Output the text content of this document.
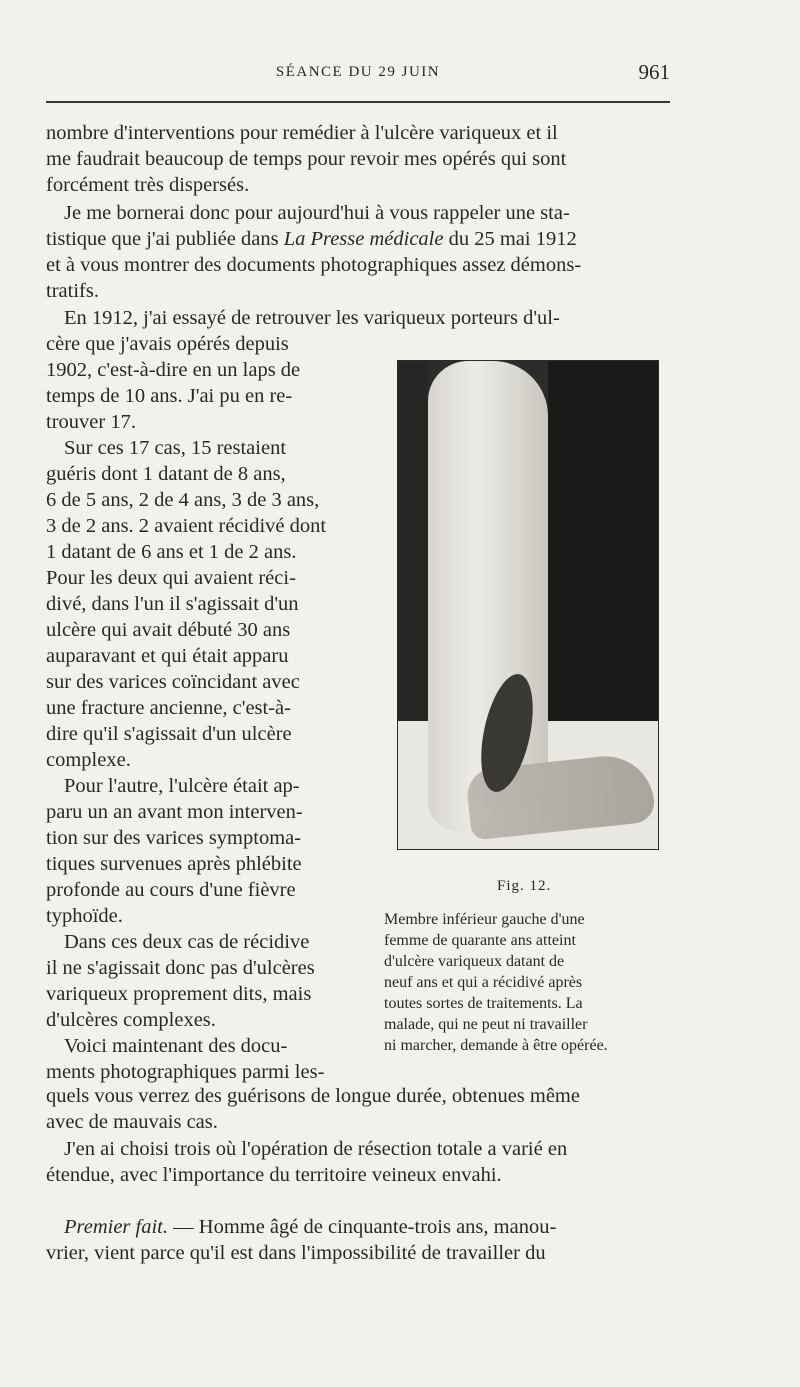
SÉANCE DU 29 JUIN	961

nombre d'interventions pour remédier à l'ulcère variqueux et il

me faudrait beaucoup de temps pour revoir mes opérés qui sont

forcément très dispersés.

Je me bornerai donc pour aujourd'hui à vous rappeler une sta-

tistique que j'ai publiée dans La Presse médicale du 25 mai 1912

et à vous montrer des documents photographiques assez démons-

tratifs.

En 1912, j'ai essayé de retrouver les variqueux porteurs d'ul-

cère que j'avais opérés depuis

1902, c'est-à-dire en un laps de

temps de 10 ans. J'ai pu en re-

trouver 17.

Sur ces 17 cas, 15 restaient

guéris dont 1 datant de 8 ans,

6 de 5 ans, 2 de 4 ans, 3 de 3 ans,

3 de 2 ans. 2 avaient récidivé dont

1 datant de 6 ans et 1 de 2 ans.

Pour les deux qui avaient réci-

divé, dans l'un il s'agissait d'un

ulcère qui avait débuté 30 ans

auparavant et qui était apparu

sur des varices coïncidant avec

une fracture ancienne, c'est-à-

dire qu'il s'agissait d'un ulcère

complexe.

Pour l'autre, l'ulcère était ap-

paru un an avant mon interven-

tion sur des varices symptoma-

tiques survenues après phlébite

profonde au cours d'une fièvre

typhoïde.

Dans ces deux cas de récidive

il ne s'agissait donc pas d'ulcères

variqueux proprement dits, mais

d'ulcères complexes.

Voici maintenant des docu-

ments photographiques parmi les-

Fig. 12.
Membre inférieur gauche d'une
femme de quarante ans atteint
d'ulcère variqueux datant de
neuf ans et qui a récidivé après
toutes sortes de traitements. La
malade, qui ne peut ni travailler
ni marcher, demande à être opérée.

quels vous verrez des guérisons de longue durée, obtenues même

avec de mauvais cas.

J'en ai choisi trois où l'opération de résection totale a varié en

étendue, avec l'importance du territoire veineux envahi.

Premier fait. — Homme âgé de cinquante-trois ans, manou-

vrier, vient parce qu'il est dans l'impossibilité de travailler du
